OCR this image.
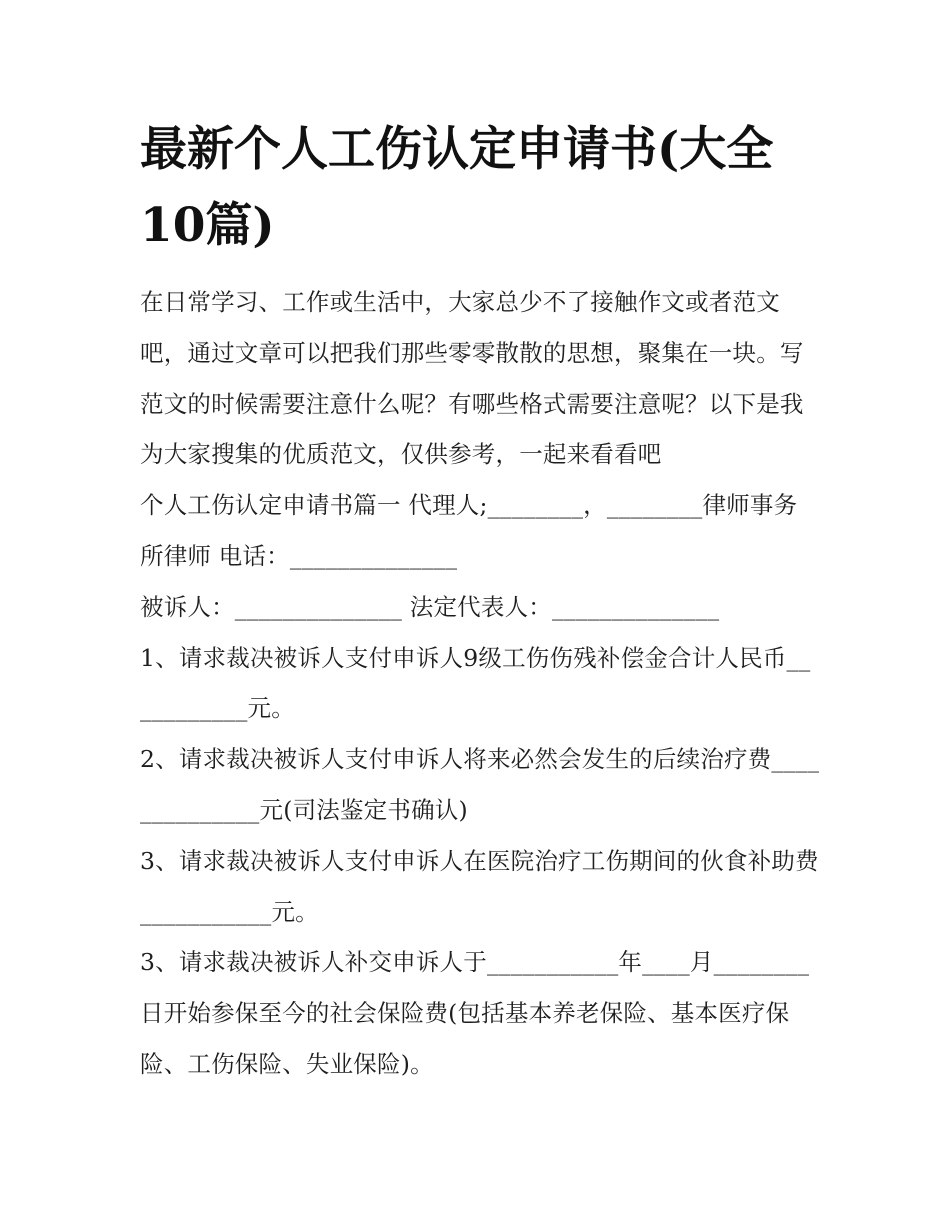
最新个人工伤认定申请书(大全10篇)

在日常学习、工作或生活中，大家总少不了接触作文或者范文吧，通过文章可以把我们那些零零散散的思想，聚集在一块。写范文的时候需要注意什么呢？有哪些格式需要注意呢？以下是我为大家搜集的优质范文，仅供参考，一起来看看吧

个人工伤认定申请书篇一 代理人;________，________律师事务所律师 电话：______________

被诉人：______________ 法定代表人：______________

1、请求裁决被诉人支付申诉人9级工伤伤残补偿金合计人民币___________元。

2、请求裁决被诉人支付申诉人将来必然会发生的后续治疗费______________元(司法鉴定书确认)

3、请求裁决被诉人支付申诉人在医院治疗工伤期间的伙食补助费___________元。

3、请求裁决被诉人补交申诉人于___________年____月________日开始参保至今的社会保险费(包括基本养老保险、基本医疗保险、工伤保险、失业保险)。
